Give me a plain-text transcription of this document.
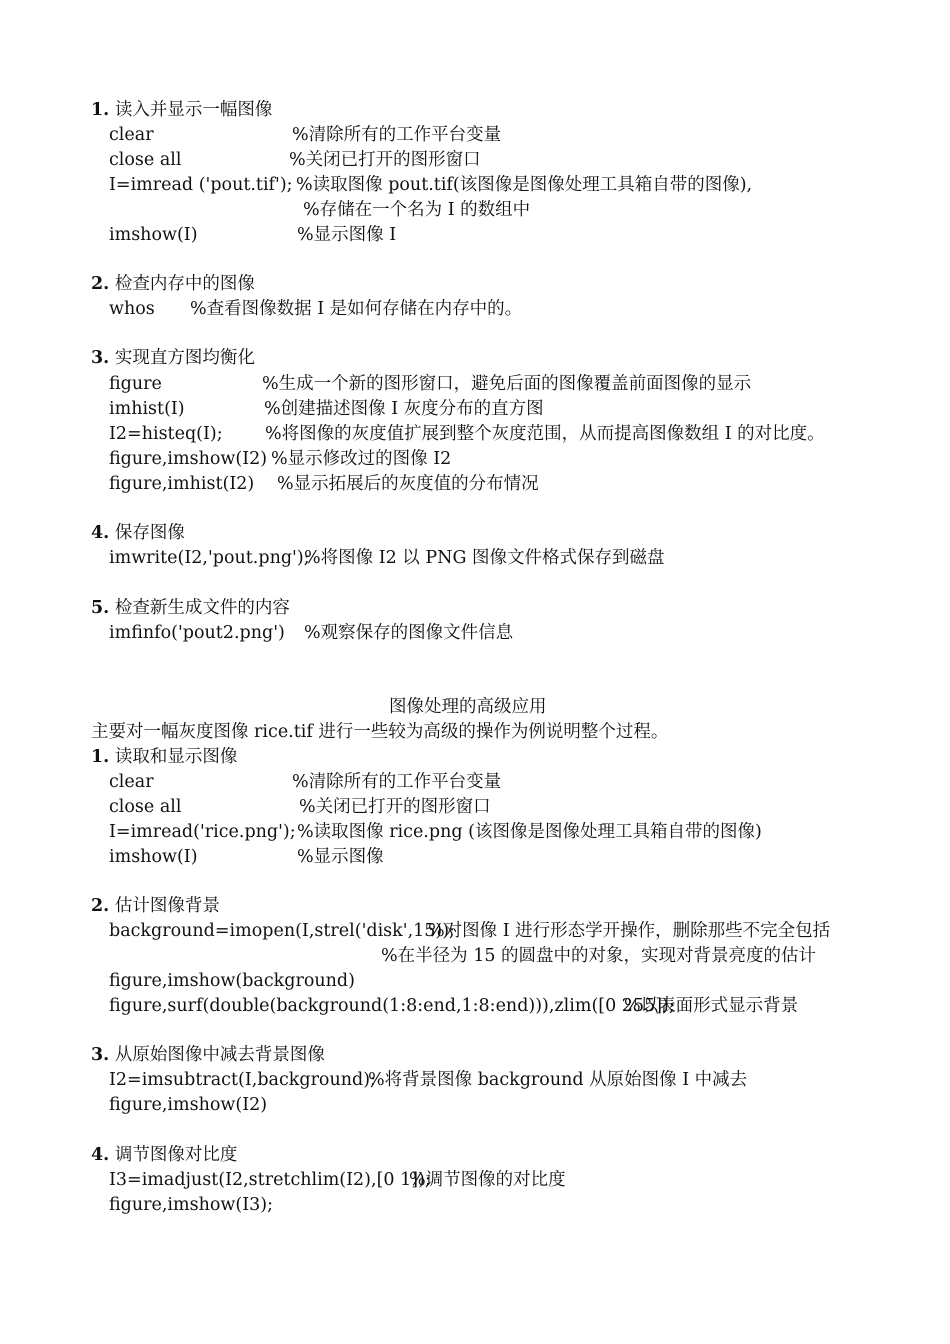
1. 读入并显示一幅图像
clear	%清除所有的工作平台变量
close all	%关闭已打开的图形窗口
I=imread ('pout.tif'); %读取图像 pout.tif(该图像是图像处理工具箱自带的图像),
%存储在一个名为 I 的数组中
imshow(I)	%显示图像 I
2. 检查内存中的图像
whos %查看图像数据 I 是如何存储在内存中的。
3. 实现直方图均衡化
figure	%生成一个新的图形窗口，避免后面的图像覆盖前面图像的显示
imhist(I)	%创建描述图像 I 灰度分布的直方图
I2=histeq(I); %将图像的灰度值扩展到整个灰度范围，从而提高图像数组 I 的对比度。
figure,imshow(I2) %显示修改过的图像 I2
figure,imhist(I2) %显示拓展后的灰度值的分布情况
4. 保存图像
imwrite(I2,'pout.png');
%将图像 I2 以 PNG 图像文件格式保存到磁盘
5. 检查新生成文件的内容
imfinfo('pout2.png') %观察保存的图像文件信息
图像处理的高级应用
主要对一幅灰度图像 rice.tif 进行一些较为高级的操作为例说明整个过程。
1. 读取和显示图像
clear	%清除所有的工作平台变量
close all	%关闭已打开的图形窗口
I=imread('rice.png'); %读取图像 rice.png (该图像是图像处理工具箱自带的图像)
imshow(I)	%显示图像
2. 估计图像背景
background=imopen(I,strel('disk',15));
%对图像 I 进行形态学开操作，删除那些不完全包括
%在半径为 15 的圆盘中的对象，实现对背景亮度的估计
figure,imshow(background)
figure,surf(double(background(1:8:end,1:8:end))),zlim([0 255]);
%以表面形式显示背景
3. 从原始图像中减去背景图像
I2=imsubtract(I,background);
%将背景图像 background 从原始图像 I 中减去
figure,imshow(I2)
4. 调节图像对比度
I3=imadjust(I2,stretchlim(I2),[0 1]);
%调节图像的对比度
figure,imshow(I3);
